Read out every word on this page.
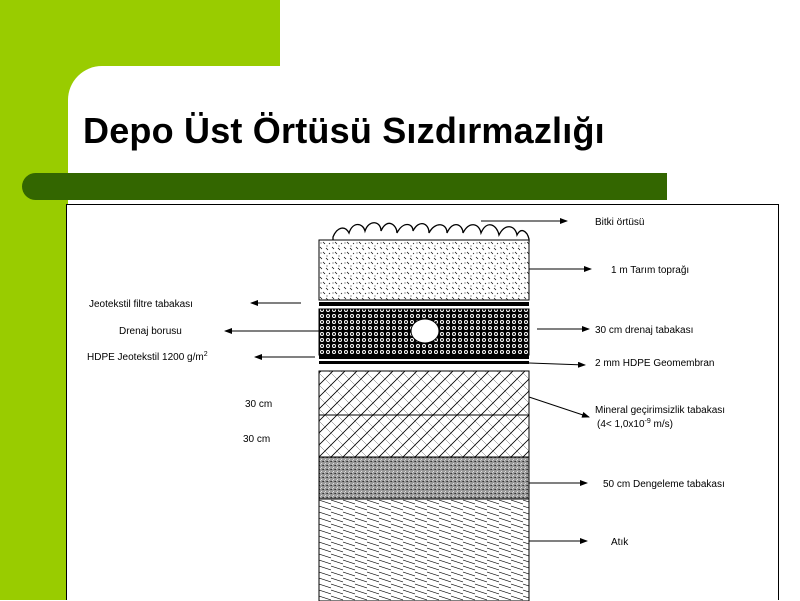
Depo Üst Örtüsü Sızdırmazlığı
Bitki örtüsü
1 m Tarım toprağı
30 cm drenaj tabakası
2 mm HDPE Geomembran
Mineral geçirimsizlik tabakası
($4< 1,0x10^{-9}$ m/s)
50 cm Dengeleme tabakası
Atık
Jeotekstil filtre tabakası
Drenaj borusu
HDPE Jeotekstil 1200 $g/m^2$
30 cm
30 cm
